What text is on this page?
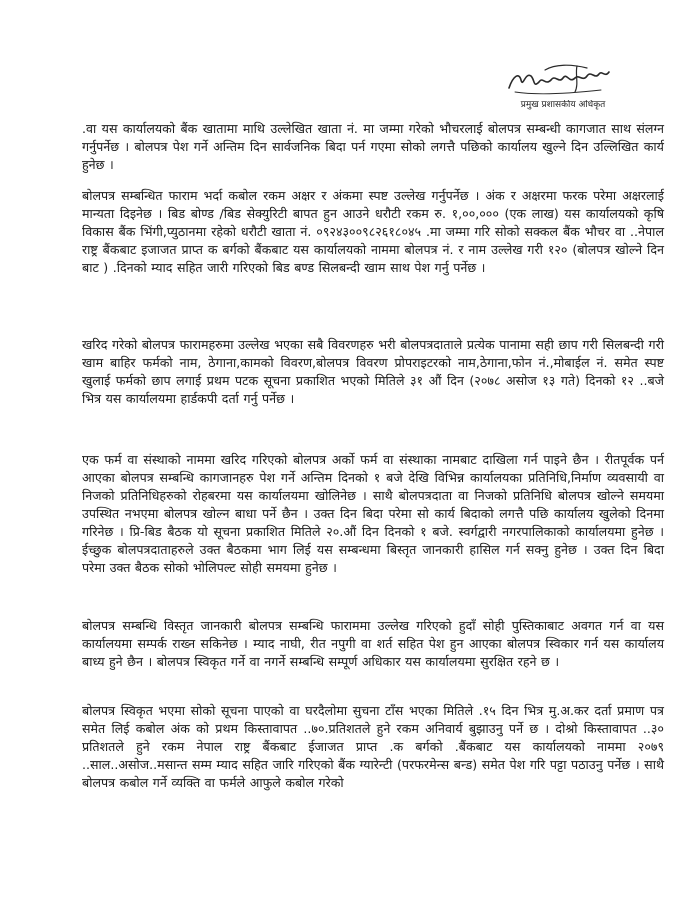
प्रमुख प्रशासकीय अधिकृत

.वा यस कार्यालयको बैंक खातामा माथि उल्लेखित खाता नं. मा जम्मा गरेको भौचरलाई बोलपत्र सम्बन्धी कागजात साथ संलग्न गर्नुपर्नेछ । बोलपत्र पेश गर्ने अन्तिम दिन सार्वजनिक बिदा पर्न गएमा सोको लगत्तै पछिको कार्यालय खुल्ने दिन उल्लिखित कार्य हुनेछ ।

बोलपत्र सम्बन्धित फाराम भर्दा कबोल रकम अक्षर र अंकमा स्पष्ट उल्लेख गर्नुपर्नेछ । अंक र अक्षरमा फरक परेमा अक्षरलाई मान्यता दिइनेछ । बिड बोण्ड /बिड सेक्युरिटी बापत हुन आउने धरौटी रकम रु. १,००,००० (एक लाख) यस कार्यालयको कृषि विकास बैंक भिंगी,प्युठानमा रहेको धरौटी खाता नं. ०९२४३००९८२६१८०४५ .मा जम्मा गरि सोको सक्कल बैंक भौचर वा ..नेपाल राष्ट्र बैंकबाट इजाजत प्राप्त क बर्गको बैंकबाट यस कार्यालयको नाममा बोलपत्र नं. र नाम उल्लेख गरी १२० (बोलपत्र खोल्ने दिन बाट ) .दिनको म्याद सहित जारी गरिएको बिड बण्ड सिलबन्दी खाम साथ पेश गर्नु पर्नेछ ।

खरिद गरेको बोलपत्र फारामहरुमा उल्लेख भएका सबै विवरणहरु भरी बोलपत्रदाताले प्रत्येक पानामा सही छाप गरी सिलबन्दी गरी खाम बाहिर फर्मको नाम, ठेगाना,कामको विवरण,बोलपत्र विवरण प्रोपराइटरको नाम,ठेगाना,फोन नं.,मोबाईल नं. समेत स्पष्ट खुलाई फर्मको छाप लगाई प्रथम पटक सूचना प्रकाशित भएको मितिले ३१ औं दिन (२०७८ असोज १३ गते) दिनको १२ ..बजे भित्र यस कार्यालयमा हार्डकपी दर्ता गर्नु पर्नेछ ।

एक फर्म वा संस्थाको नाममा खरिद गरिएको बोलपत्र अर्को फर्म वा संस्थाका नामबाट दाखिला गर्न पाइने छैन । रीतपूर्वक पर्न आएका बोलपत्र सम्बन्धि कागजानहरु पेश गर्ने अन्तिम दिनको १ बजे देखि विभिन्न कार्यालयका प्रतिनिधि,निर्माण व्यवसायी वा निजको प्रतिनिधिहरुको रोहबरमा यस कार्यालयमा खोलिनेछ । साथै बोलपत्रदाता वा निजको प्रतिनिधि बोलपत्र खोल्ने समयमा उपस्थित नभएमा बोलपत्र खोल्न बाधा पर्ने छैन । उक्त दिन बिदा परेमा सो कार्य बिदाको लगत्तै पछि कार्यालय खुलेको दिनमा गरिनेछ । प्रि-बिड बैठक यो सूचना प्रकाशित मितिले २०.औं दिन दिनको १ बजे. स्वर्गद्वारी नगरपालिकाको कार्यालयमा हुनेछ । ईच्छुक बोलपत्रदाताहरुले उक्त बैठकमा भाग लिई यस सम्बन्धमा बिस्तृत जानकारी हासिल गर्न सक्नु हुनेछ । उक्त दिन बिदा परेमा उक्त बैठक सोको भोलिपल्ट सोही समयमा हुनेछ ।

बोलपत्र सम्बन्धि विस्तृत जानकारी बोलपत्र सम्बन्धि फाराममा उल्लेख गरिएको हुदाँ सोही पुस्तिकाबाट अवगत गर्न वा यस कार्यालयमा सम्पर्क राख्न सकिनेछ । म्याद नाघी, रीत नपुगी वा शर्त सहित पेश हुन आएका बोलपत्र स्विकार गर्न यस कार्यालय बाध्य हुने छैन । बोलपत्र स्विकृत गर्ने वा नगर्ने सम्बन्धि सम्पूर्ण अधिकार यस कार्यालयमा सुरक्षित रहने छ ।

बोलपत्र स्विकृत भएमा सोको सूचना पाएको वा घरदैलोमा सुचना टाँस भएका मितिले .१५ दिन भित्र मु.अ.कर दर्ता प्रमाण पत्र समेत लिई कबोल अंक को प्रथम किस्तावापत ..७०.प्रतिशतले हुने रकम अनिवार्य बुझाउनु पर्ने छ । दोश्रो किस्तावापत ..३० प्रतिशतले हुने रकम नेपाल राष्ट्र बैंकबाट ईजाजत प्राप्त .क बर्गको .बैंकबाट यस कार्यालयको नाममा २०७९ ..साल..असोज..मसान्त सम्म म्याद सहित जारि गरिएको बैंक ग्यारेन्टी (परफरमेन्स बन्ड) समेत पेश गरि पट्टा पठाउनु पर्नेछ । साथै बोलपत्र कबोल गर्ने व्यक्ति वा फर्मले आफुले कबोल गरेको
